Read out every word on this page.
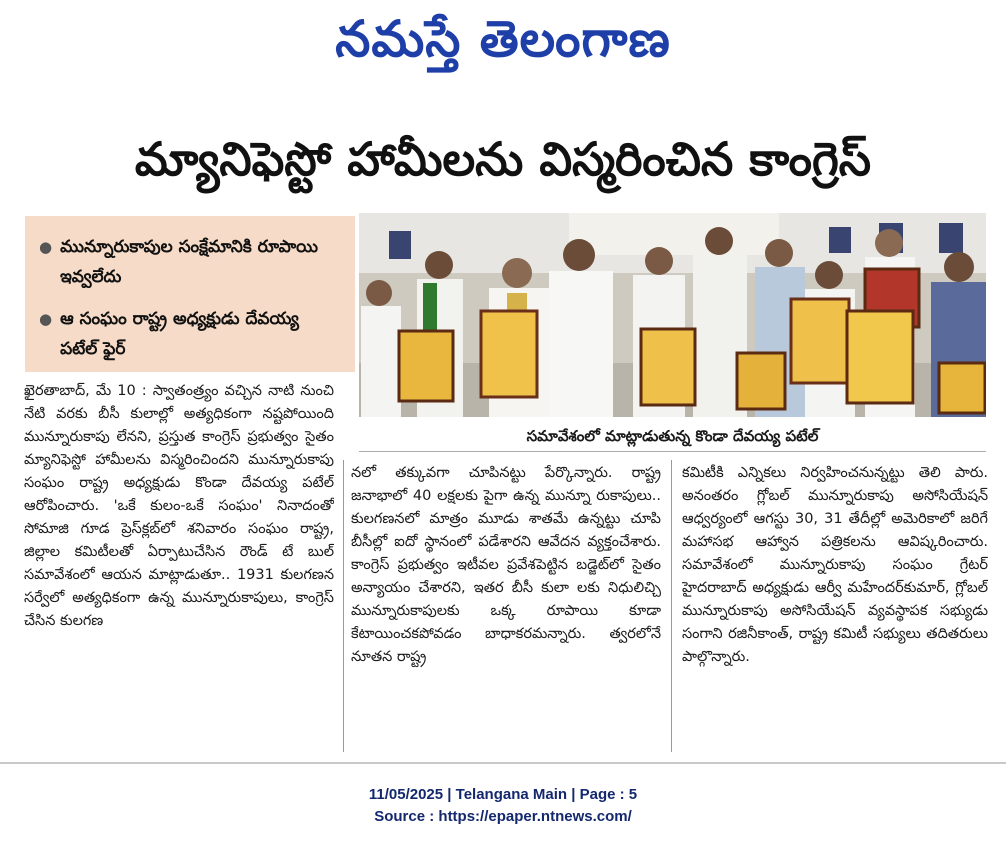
నమస్తే తెలంగాణ
మ్యానిఫెస్టో హామీలను విస్మరించిన కాంగ్రెస్
● మున్నూరుకాపుల సంక్షేమానికి రూపాయి ఇవ్వలేదు
● ఆ సంఘం రాష్ట్ర అధ్యక్షుడు దేవయ్య పటేల్ ఫైర్
సమావేశంలో మాట్లాడుతున్న కొండా దేవయ్య పటేల్
ఖైరతాబాద్, మే 10 : స్వాతంత్ర్యం వచ్చిన నాటి నుంచి నేటి వరకు బీసీ కులాల్లో అత్యధికంగా నష్టపోయింది మున్నూరుకాపు లేనని, ప్రస్తుత కాంగ్రెస్ ప్రభుత్వం సైతం మ్యానిఫెస్టో హామీలను విస్మరించిందని మున్నూరుకాపు సంఘం రాష్ట్ర అధ్యక్షుడు కొండా దేవయ్య పటేల్ ఆరోపించారు. 'ఒకే కులం-ఒకే సంఘం' నినాదంతో సోమాజి గూడ ప్రెస్‌క్లబ్‌లో శనివారం సంఘం రాష్ట్ర, జిల్లాల కమిటీలతో ఏర్పాటుచేసిన రౌండ్ టే బుల్ సమావేశంలో ఆయన మాట్లాడుతూ.. 1931 కులగణన సర్వేలో అత్యధికంగా ఉన్న మున్నూరుకాపులు, కాంగ్రెస్ చేసిన కులగణ
నలో తక్కువగా చూపినట్టు పేర్కొన్నారు. రాష్ట్ర జనాభాలో 40 లక్షలకు పైగా ఉన్న మున్నూ రుకాపులు.. కులగణనలో మాత్రం మూడు శాతమే ఉన్నట్టు చూపి బీసీల్లో ఐదో స్థానంలో పడేశారని ఆవేదన వ్యక్తంచేశారు. కాంగ్రెస్ ప్రభుత్వం ఇటీవల ప్రవేశపెట్టిన బడ్జెట్‌లో సైతం అన్యాయం చేశారని, ఇతర బీసీ కులా లకు నిధులిచ్చి మున్నూరుకాపులకు ఒక్క రూపాయి కూడా కేటాయించకపోవడం బాధాకరమన్నారు. త్వరలోనే నూతన రాష్ట్ర
కమిటీకి ఎన్నికలు నిర్వహించనున్నట్టు తెలి పారు. అనంతరం గ్లోబల్ మున్నూరుకాపు అసోసియేషన్ ఆధ్వర్యంలో ఆగస్టు 30, 31 తేదీల్లో అమెరికాలో జరిగే మహాసభ ఆహ్వాన పత్రికలను ఆవిష్కరించారు. సమావేశంలో మున్నూరుకాపు సంఘం గ్రేటర్ హైదరాబాద్ అధ్యక్షుడు ఆర్వీ మహేందర్‌కుమార్, గ్లోబల్ మున్నూరుకాపు అసోసియేషన్ వ్యవస్థాపక సభ్యుడు సంగాని రజినీకాంత్, రాష్ట్ర కమిటీ సభ్యులు తదితరులు పాల్గొన్నారు.
11/05/2025 | Telangana Main | Page : 5
Source : https://epaper.ntnews.com/
